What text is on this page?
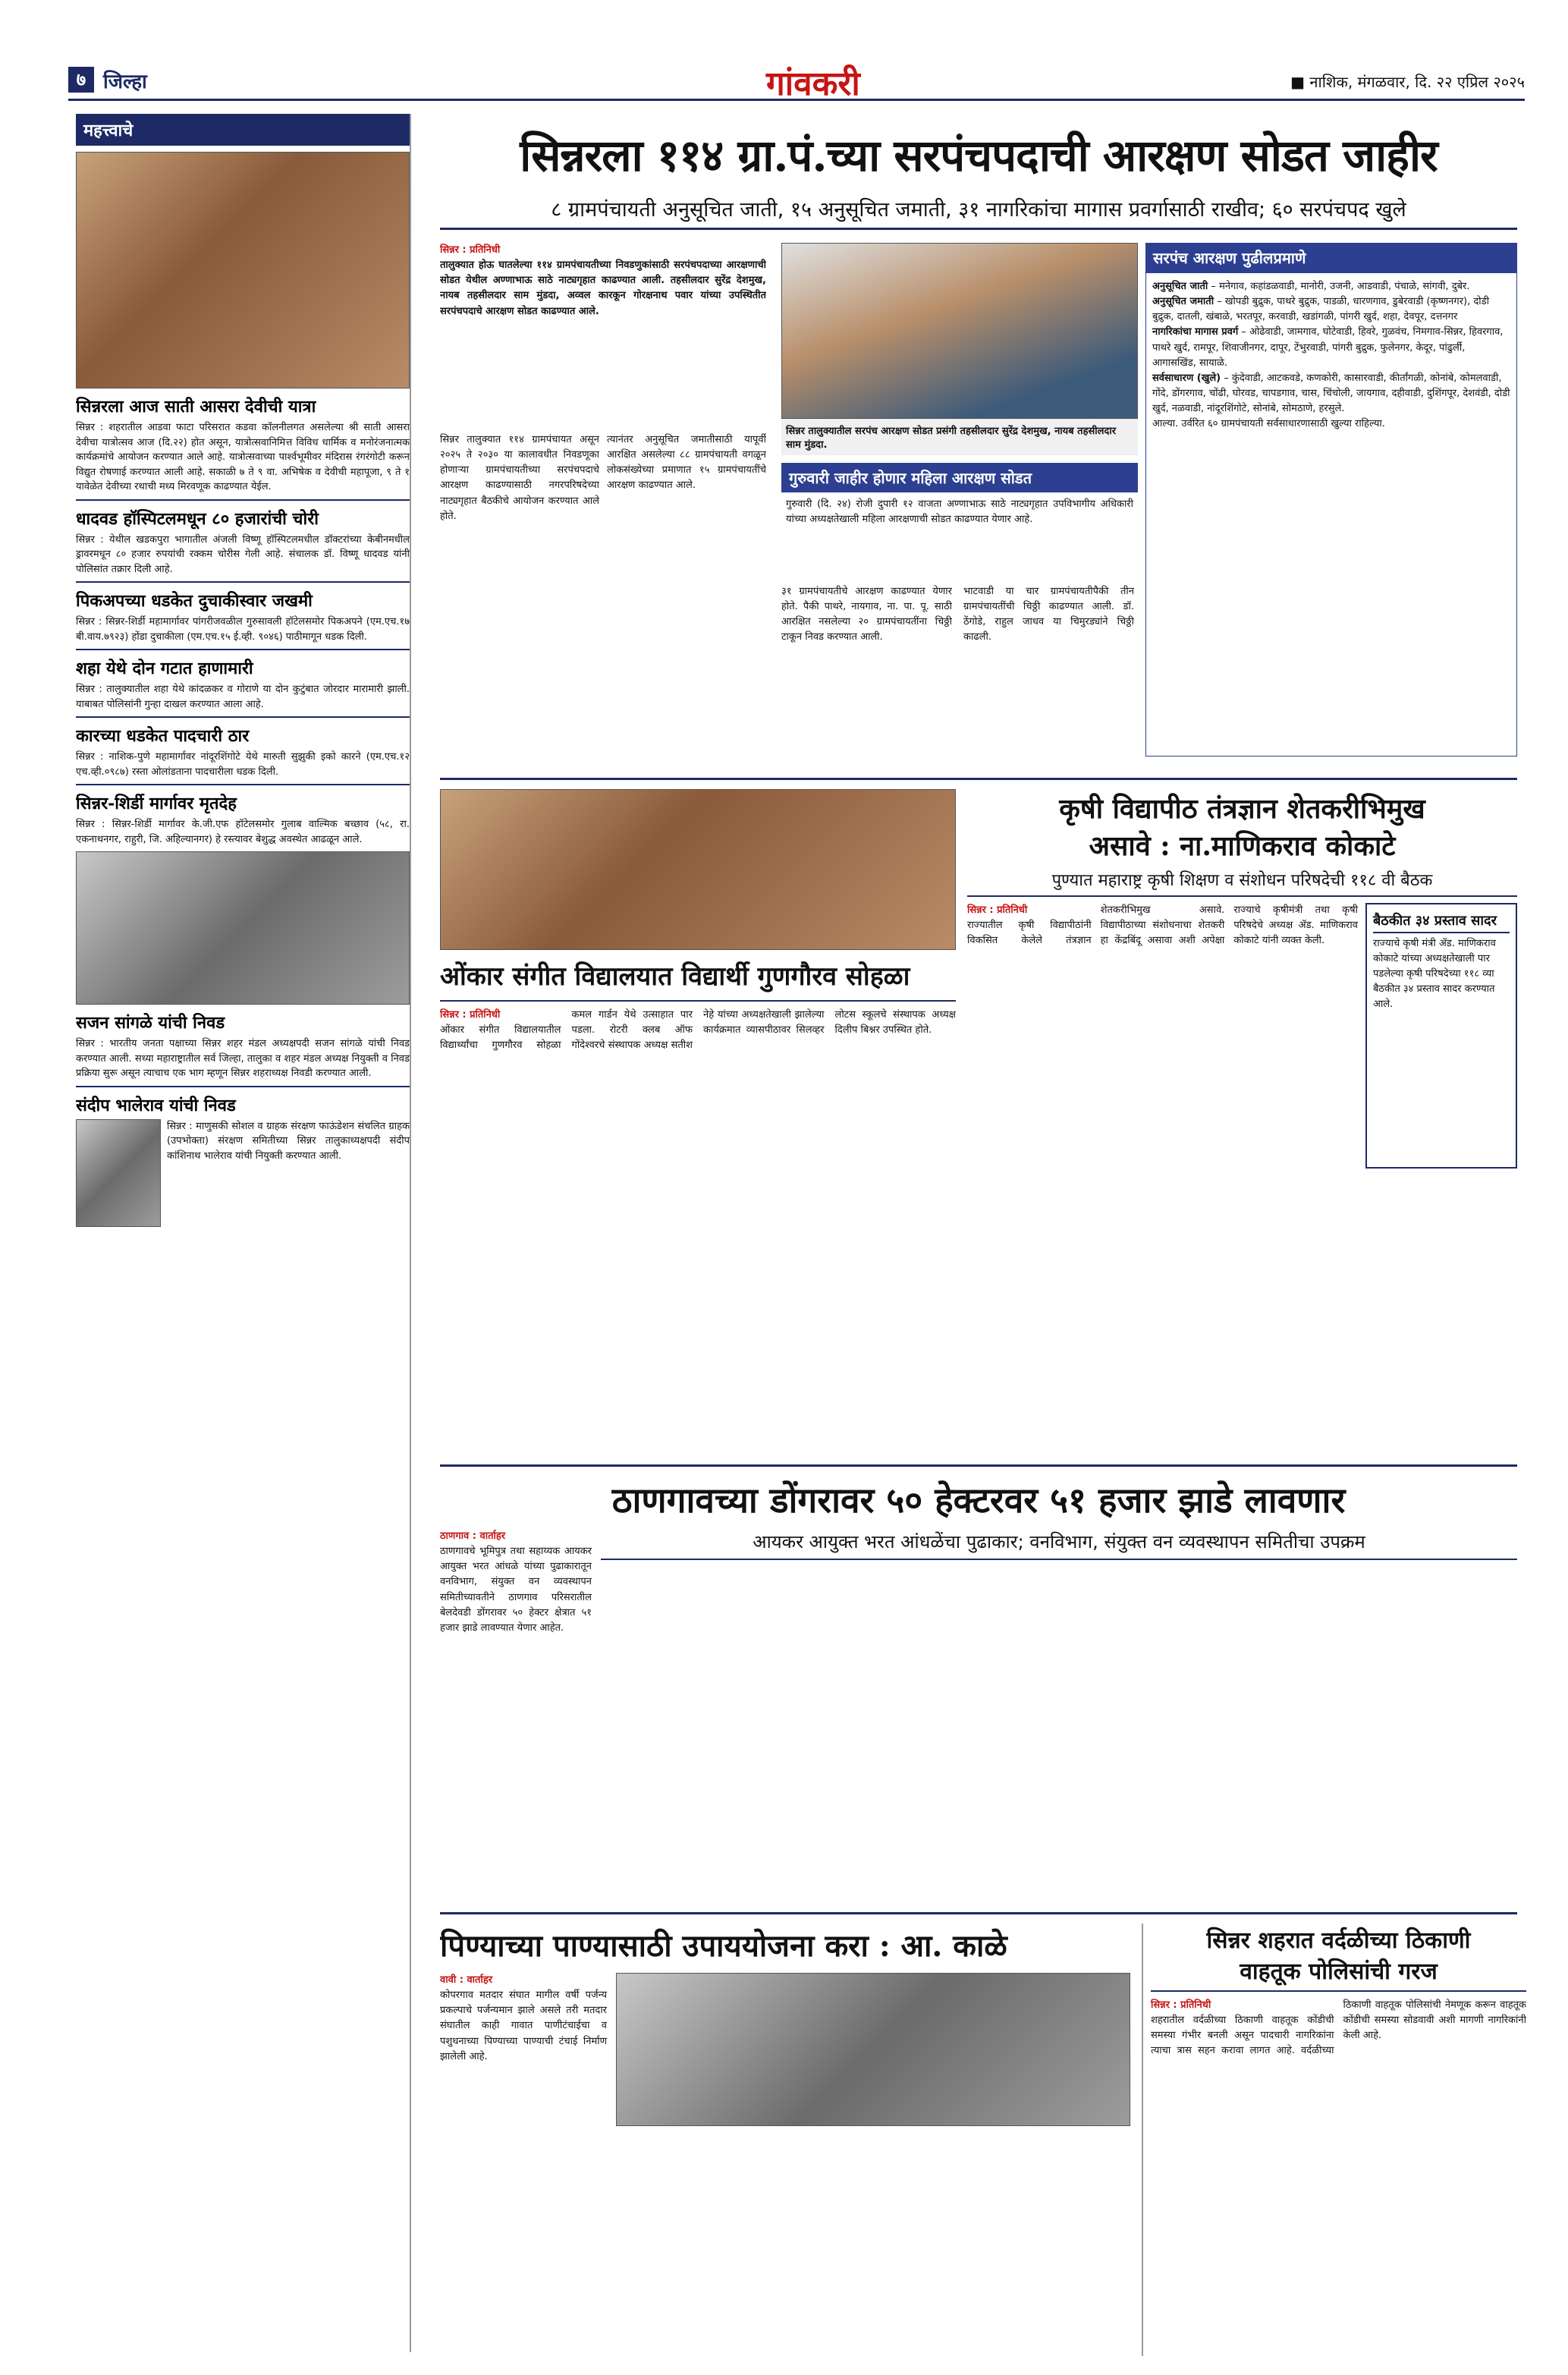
७ जिल्हा	गांवकरी	■ नाशिक, मंगळवार, दि. २२ एप्रिल २०२५
महत्त्वाचे
सिन्नरला आज साती आसरा देवीची यात्रा

सिन्नर : शहरातील आडवा फाटा परिसरात कडवा कॉलनीलगत असलेल्या श्री साती आसरा देवीचा यात्रोत्सव आज (दि.२२) होत असून, यात्रोत्सवानिमित्त विविध धार्मिक व मनोरंजनात्मक कार्यक्रमांचे आयोजन करण्यात आले आहे. यात्रोत्सवाच्या पार्श्वभूमीवर मंदिरास रंगरंगोटी करून विद्युत रोषणाई करण्यात आली आहे. सकाळी ७ ते ९ वा. अभिषेक व देवीची महापूजा, ९ ते १ यावेळेत देवीच्या रथाची मध्य मिरवणूक काढण्यात येईल.

धादवड हॉस्पिटलमधून ८० हजारांची चोरी

सिन्नर : येथील खडकपुरा भागातील अंजली विष्णू हॉस्पिटलमधील डॉक्टरांच्या केबीनमधील ड्रावरमधून ८० हजार रुपयांची रक्कम चोरीस गेली आहे. संचालक डॉ. विष्णू धादवड यांनी पोलिसांत तक्रार दिली आहे.

पिकअपच्या धडकेत दुचाकीस्वार जखमी

सिन्नर : सिन्नर-शिर्डी महामार्गावर पांगरीजवळील गुरुसावली हॉटेलसमोर पिकअपने (एम.एच.१७ बी.वाय.७९२३) होंडा दुचाकीला (एम.एच.१५ ई.व्ही. ९०४६) पाठीमागून धडक दिली.

शहा येथे दोन गटात हाणामारी

सिन्नर : तालुक्यातील शहा येथे कांदळकर व गोराणे या दोन कुटुंबात जोरदार मारामारी झाली. याबाबत पोलिसांनी गुन्हा दाखल करण्यात आला आहे.

कारच्या धडकेत पादचारी ठार

सिन्नर : नाशिक-पुणे महामार्गावर नांदूरशिंगोटे येथे मारुती सुझुकी इको कारने (एम.एच.१२ एच.व्ही.०९८७) रस्ता ओलांडताना पादचारीला धडक दिली.

सिन्नर-शिर्डी मार्गावर मृतदेह

सिन्नर : सिन्नर-शिर्डी मार्गावर के.जी.एफ हॉटेलसमोर गुलाब वाल्मिक बच्छाव (५८, रा. एकनाथनगर, राहुरी, जि. अहिल्यानगर) हे रस्त्यावर बेशुद्ध अवस्थेत आढळून आले.

सजन सांगळे यांची निवड

सिन्नर : भारतीय जनता पक्षाच्या सिन्नर शहर मंडल अध्यक्षपदी सजन सांगळे यांची निवड करण्यात आली. सध्या महाराष्ट्रातील सर्व जिल्हा, तालुका व शहर मंडल अध्यक्ष नियुक्ती व निवड प्रक्रिया सुरू असून त्याचाच एक भाग म्हणून सिन्नर शहराध्यक्ष निवडी करण्यात आली.

संदीप भालेराव यांची निवड

सिन्नर : माणुसकी सोशल व ग्राहक संरक्षण फाऊंडेशन संचलित ग्राहक (उपभोक्ता) संरक्षण समितीच्या सिन्नर तालुकाध्यक्षपदी संदीप कांशिनाथ भालेराव यांची नियुक्ती करण्यात आली.

सिन्नरला ११४ ग्रा.पं.च्या सरपंचपदाची आरक्षण सोडत जाहीर
८ ग्रामपंचायती अनुसूचित जाती, १५ अनुसूचित जमाती, ३१ नागरिकांचा मागास प्रवर्गासाठी राखीव; ६० सरपंचपद खुले
सिन्नर : प्रतिनिधी
तालुक्यात होऊ घातलेल्या ११४ ग्रामपंचायतीच्या निवडणुकांसाठी सरपंचपदाच्या आरक्षणाची सोडत येथील अण्णाभाऊ साठे नाट्यगृहात काढण्यात आली. तहसीलदार सुरेंद्र देशमुख, नायब तहसीलदार साम मुंडदा, अव्वल कारकून गोरक्षनाथ पवार यांच्या उपस्थितीत सरपंचपदाचे आरक्षण सोडत काढण्यात आले.
सिन्नर तालुक्यातील सरपंच आरक्षण सोडत प्रसंगी तहसीलदार सुरेंद्र देशमुख, नायब तहसीलदार साम मुंडदा.
सिन्नर तालुक्यात ११४ ग्रामपंचायत असून २०२५ ते २०३० या कालावधीत निवडणूका होणार्‍या ग्रामपंचायतीच्या सरपंचपदाचे आरक्षण काढण्यासाठी नगरपरिषदेच्या नाट्यगृहात बैठकीचे आयोजन करण्यात आले होते.
त्यानंतर अनुसूचित जमातीसाठी यापूर्वी आरक्षित असलेल्या ८८ ग्रामपंचायती वगळून लोकसंख्येच्या प्रमाणात १५ ग्रामपंचायतींचे आरक्षण काढण्यात आले.	गुरुवारी जाहीर होणार महिला आरक्षण सोडत
गुरुवारी (दि. २४) रोजी दुपारी १२ वाजता अण्णाभाऊ साठे नाट्यगृहात उपविभागीय अधिकारी यांच्या अध्यक्षतेखाली महिला आरक्षणाची सोडत काढण्यात येणार आहे.
३१ ग्रामपंचायतीचे आरक्षण काढण्यात येणार होते. पैकी पाथरे, नायगाव, ना. पा. पू. साठी आरक्षित नसलेल्या २० ग्रामपंचायतींना चिठ्ठी टाकून निवड करण्यात आली.
भाटवाडी या चार ग्रामपंचायतीपैकी तीन ग्रामपंचायतींची चिठ्ठी काढण्यात आली. डॉ. ठेंगोडे, राहुल जाधव या चिमुरड्यांने चिठ्ठी काढली.
सरपंच आरक्षण पुढीलप्रमाणे
अनुसूचित जाती – मनेगाव, कहांडळवाडी, मानोरी, उजनी, आडवाडी, पंचाळे, सांगवी, दुबेर.
अनुसूचित जमाती – खोपडी बुद्रुक, पाथरे बुद्रुक, पाडळी, धारणगाव, डुबेरवाडी (कृष्णनगर), दोडी बुद्रुक, दातली, खंबाळे, भरतपूर, करवाडी, खडांगळी, पांगरी खुर्द, शहा, देवपूर, दत्तनगर
नागरिकांचा मागास प्रवर्ग – ओढेवाडी, जामगाव, घोटेवाडी, हिवरे, गुळवंच, निमगाव-सिन्नर, हिवरगाव, पाथरे खुर्द, रामपूर, शिवाजीनगर, दापूर, टेंभुरवाडी, पांगरी बुद्रुक, फुलेनगर, केदूर, पांढुर्ली, आगासखिंड, सायाळे.
सर्वसाधारण (खुले) – कुंदेवाडी, आटकवडे, कणकोरी, कासारवाडी, कीर्तांगळी, कोनांबे, कोमलवाडी, गोंदे, डोंगरगाव, चोंढी, घोरवड, चापडगाव, चास, चिंचोली, जायगाव, दहीवाडी, दुशिंगपूर, देशवंडी, दोडी खुर्द, नळवाडी, नांदूरशिंगोटे, सोनांबे, सोमठाणे, हरसुले.
आल्या. उर्वरित ६० ग्रामपंचायती सर्वसाधारणासाठी खुल्या राहिल्या.
ओंकार संगीत विद्यालयात विद्यार्थी गुणगौरव सोहळा
सिन्नर : प्रतिनिधी
ओंकार संगीत विद्यालयातील विद्यार्थ्यांचा गुणगौरव सोहळा कमल गार्डन येथे उत्साहात पार पडला. रोटरी क्लब ऑफ गोंदेश्वरचे संस्थापक अध्यक्ष सतीश नेहे यांच्या अध्यक्षतेखाली झालेल्या कार्यक्रमात व्यासपीठावर सिलव्हर लोटस स्कूलचे संस्थापक अध्यक्ष दिलीप बिश्नर उपस्थित होते.
कृषी विद्यापीठ तंत्रज्ञान शेतकरीभिमुख
असावे : ना.माणिकराव कोकाटे
पुण्यात महाराष्ट्र कृषी शिक्षण व संशोधन परिषदेची ११८ वी बैठक
सिन्नर : प्रतिनिधी
राज्यातील कृषी विद्यापीठांनी विकसित केलेले तंत्रज्ञान शेतकरीभिमुख असावे. विद्यापीठाच्या संशोधनाचा शेतकरी हा केंद्रबिंदू असावा अशी अपेक्षा राज्याचे कृषीमंत्री तथा कृषी परिषदेचे अध्यक्ष ॲड. माणिकराव कोकाटे यांनी व्यक्त केली.
बैठकीत ३४ प्रस्ताव सादर
राज्याचे कृषी मंत्री ॲड. माणिकराव कोकाटे यांच्या अध्यक्षतेखाली पार पडलेल्या कृषी परिषदेच्या ११८ व्या बैठकीत ३४ प्रस्ताव सादर करण्यात आले.
ठाणगावच्या डोंगरावर ५० हेक्टरवर ५१ हजार झाडे लावणार
ठाणगाव : वार्ताहर
ठाणगावचे भूमिपुत्र तथा सहाय्यक आयकर आयुक्त भरत आंधळे यांच्या पुढाकारातून वनविभाग, संयुक्त वन व्यवस्थापन समितीच्यावतीने ठाणगाव परिसरातील बेलदेवडी डोंगरावर ५० हेक्टर क्षेत्रात ५१ हजार झाडे लावण्यात येणार आहेत.
आयकर आयुक्त भरत आंधळेंचा पुढाकार; वनविभाग, संयुक्त वन व्यवस्थापन समितीचा उपक्रम
पिण्याच्या पाण्यासाठी उपाययोजना करा : आ. काळे
वावी : वार्ताहर
कोपरगाव मतदार संघात मागील वर्षी पर्जन्य प्रकल्पाचे पर्जन्यमान झाले असले तरी मतदार संघातील काही गावात पाणीटंचाईचा व पशुधनाच्या पिण्याच्या पाण्याची टंचाई निर्माण झालेली आहे.
सिन्नर शहरात वर्दळीच्या ठिकाणी
वाहतूक पोलिसांची गरज
सिन्नर : प्रतिनिधी
शहरातील वर्दळीच्या ठिकाणी वाहतूक कोंडीची समस्या गंभीर बनली असून पादचारी नागरिकांना त्याचा त्रास सहन करावा लागत आहे. वर्दळीच्या ठिकाणी वाहतूक पोलिसांची नेमणूक करून वाहतूक कोंडीची समस्या सोडवावी अशी मागणी नागरिकांनी केली आहे.
